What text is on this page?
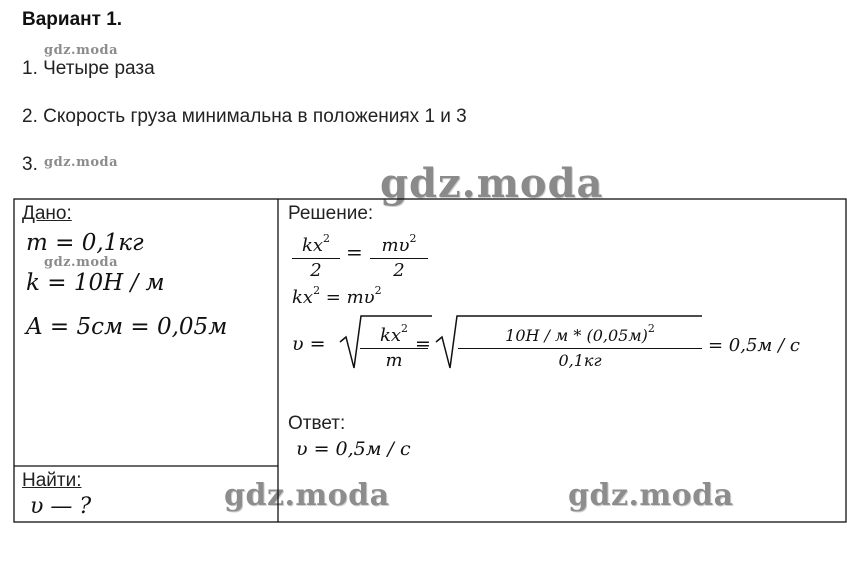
Вариант 1.
1. Четыре раза
2. Скорость груза минимальна в положениях 1 и 3
3.
gdz.moda
gdz.moda	gdz.moda
gdz.moda
gdz.moda	gdz.moda
Дано:
m = 0,1кг
k = 10H / м
A = 5см = 0,05м
Найти:
υ — ?
Решение:
$kx^2$
2
=	$m\upsilon^2$
2
$kx^2 = m\upsilon^2$
υ =	$kx^2$
m
=	10H / м * $(0,05м)^2$
0,1кг
= 0,5м / с
Ответ:
υ = 0,5м / с
